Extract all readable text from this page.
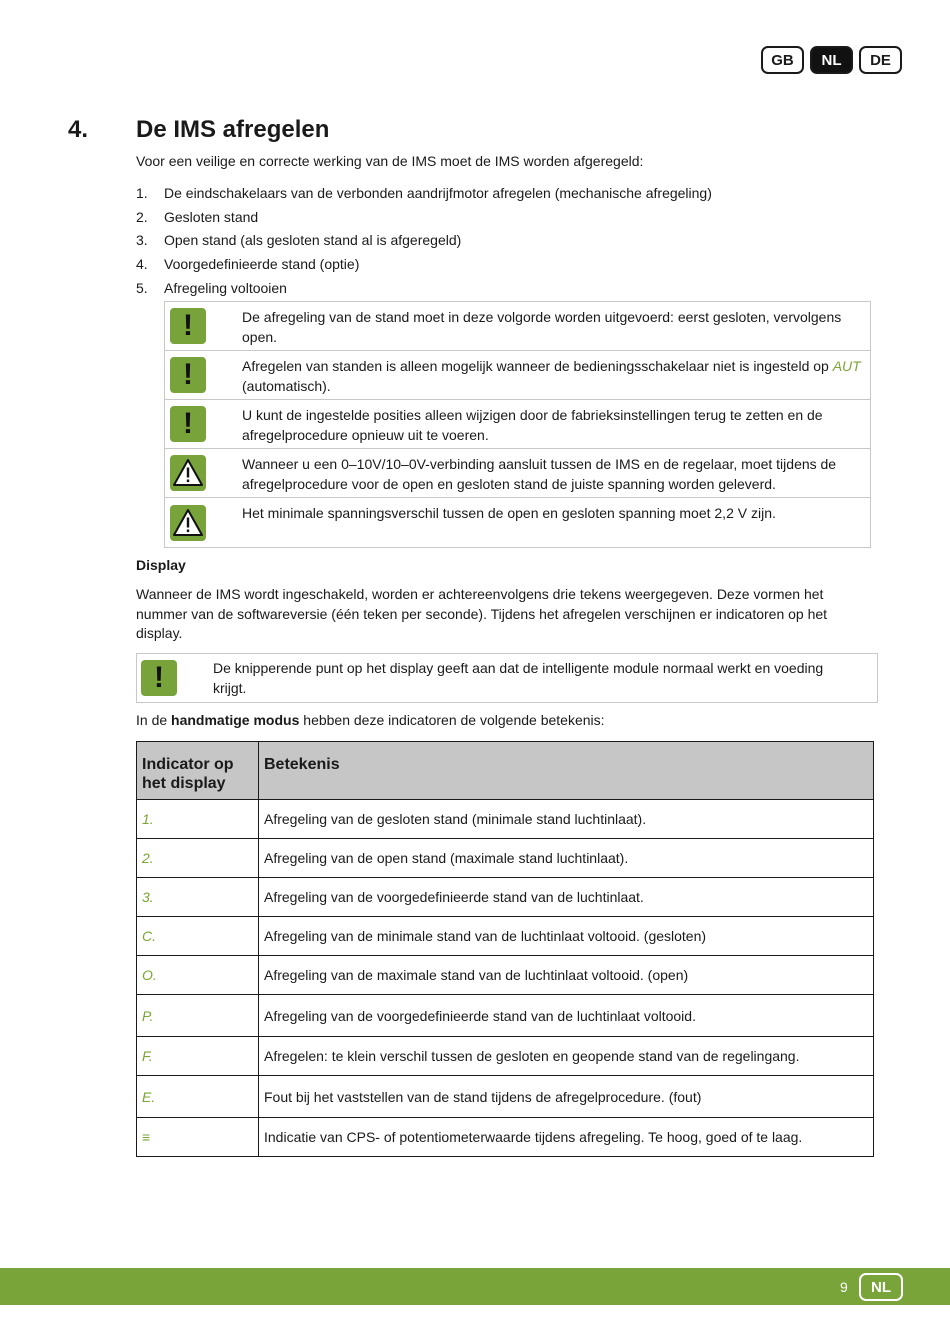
GB	NL	DE
4. De IMS afregelen

Voor een veilige en correcte werking van de IMS moet de IMS worden afgeregeld:

1.	De eindschakelaars van de verbonden aandrijfmotor afregelen (mechanische afregeling)
2.	Gesloten stand
3.	Open stand (als gesloten stand al is afgeregeld)
4.	Voorgedefinieerde stand (optie)
5.	Afregeling voltooien
!	De afregeling van de stand moet in deze volgorde worden uitgevoerd: eerst gesloten, vervolgens open.
!	Afregelen van standen is alleen mogelijk wanneer de bedieningsschakelaar niet is ingesteld op AUT (automatisch).
!	U kunt de ingestelde posities alleen wijzigen door de fabrieksinstellingen terug te zetten en de afregelprocedure opnieuw uit te voeren.
Wanneer u een 0–10V/10–0V-verbinding aansluit tussen de IMS en de regelaar, moet tijdens de afregelprocedure voor de open en gesloten stand de juiste spanning worden geleverd.
Het minimale spanningsverschil tussen de open en gesloten spanning moet 2,2 V zijn.
Display

Wanneer de IMS wordt ingeschakeld, worden er achtereenvolgens drie tekens weergegeven. Deze vormen het nummer van de softwareversie (één teken per seconde). Tijdens het afregelen verschijnen er indicatoren op het display.

!	De knipperende punt op het display geeft aan dat de intelligente module normaal werkt en voeding krijgt.

In de handmatige modus hebben deze indicatoren de volgende betekenis:

Indicator op het display	Betekenis
1.	Afregeling van de gesloten stand (minimale stand luchtinlaat).
2.	Afregeling van de open stand (maximale stand luchtinlaat).
3.	Afregeling van de voorgedefinieerde stand van de luchtinlaat.
C.	Afregeling van de minimale stand van de luchtinlaat voltooid. (gesloten)
O.	Afregeling van de maximale stand van de luchtinlaat voltooid. (open)
P.	Afregeling van de voorgedefinieerde stand van de luchtinlaat voltooid.
F.	Afregelen: te klein verschil tussen de gesloten en geopende stand van de regelingang.
E.	Fout bij het vaststellen van de stand tijdens de afregelprocedure. (fout)
≡	Indicatie van CPS- of potentiometerwaarde tijdens afregeling. Te hoog, goed of te laag.
9	NL
